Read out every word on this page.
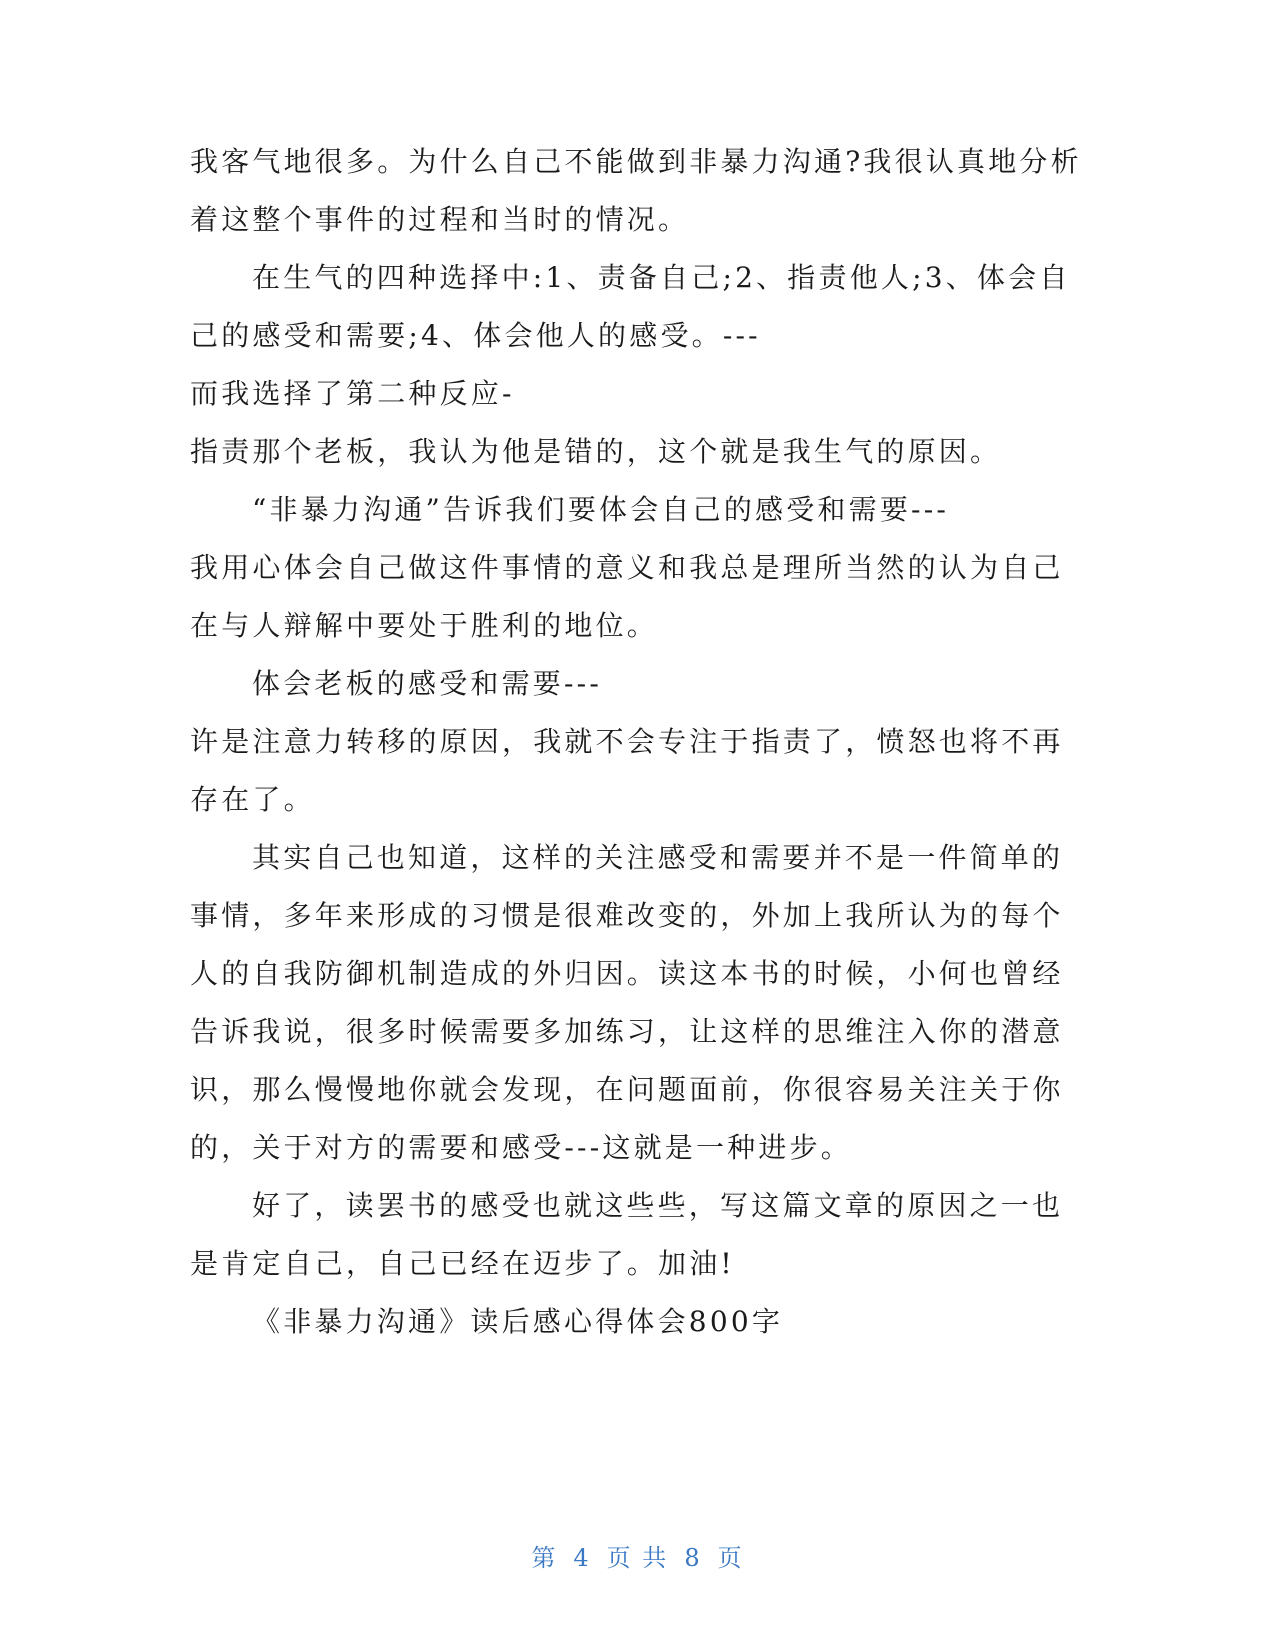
我客气地很多。为什么自己不能做到非暴力沟通?我很认真地分析
着这整个事件的过程和当时的情况。
在生气的四种选择中:1、责备自己;2、指责他人;3、体会自
己的感受和需要;4、体会他人的感受。---
而我选择了第二种反应-
指责那个老板，我认为他是错的，这个就是我生气的原因。
“非暴力沟通”告诉我们要体会自己的感受和需要---
我用心体会自己做这件事情的意义和我总是理所当然的认为自己
在与人辩解中要处于胜利的地位。
体会老板的感受和需要---
许是注意力转移的原因，我就不会专注于指责了，愤怒也将不再
存在了。
其实自己也知道，这样的关注感受和需要并不是一件简单的
事情，多年来形成的习惯是很难改变的，外加上我所认为的每个
人的自我防御机制造成的外归因。读这本书的时候，小何也曾经
告诉我说，很多时候需要多加练习，让这样的思维注入你的潜意
识，那么慢慢地你就会发现，在问题面前，你很容易关注关于你
的，关于对方的需要和感受---这就是一种进步。
好了，读罢书的感受也就这些些，写这篇文章的原因之一也
是肯定自己，自己已经在迈步了。加油!
《非暴力沟通》读后感心得体会800字
第 4 页 共 8 页
